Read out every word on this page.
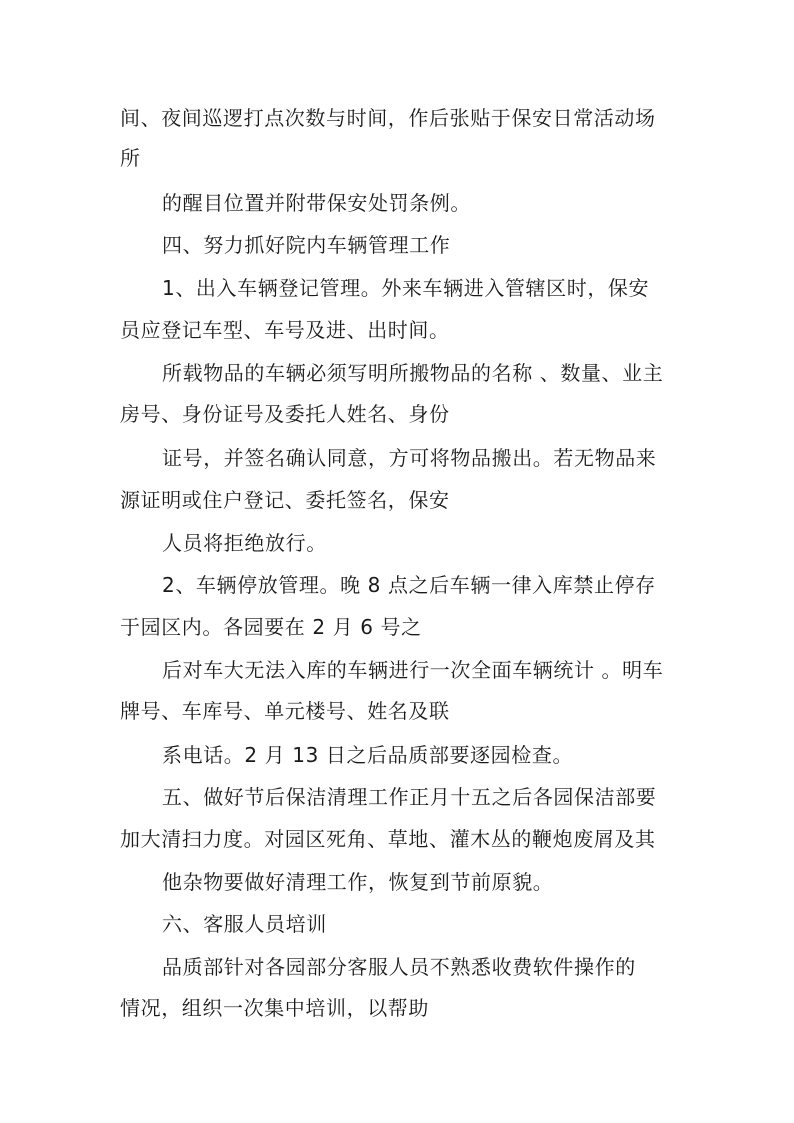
间、夜间巡逻打点次数与时间，作后张贴于保安日常活动场
所
的醒目位置并附带保安处罚条例。
四、努力抓好院内车辆管理工作
1、出入车辆登记管理。外来车辆进入管辖区时，保安
员应登记车型、车号及进、出时间。
所载物品的车辆必须写明所搬物品的名称 、数量、业主
房号、身份证号及委托人姓名、身份
证号，并签名确认同意，方可将物品搬出。若无物品来
源证明或住户登记、委托签名，保安
人员将拒绝放行。
2、车辆停放管理。晚 8 点之后车辆一律入库禁止停存
于园区内。各园要在 2 月 6 号之
后对车大无法入库的车辆进行一次全面车辆统计 。明车
牌号、车库号、单元楼号、姓名及联
系电话。2 月 13 日之后品质部要逐园检查。
五、做好节后保洁清理工作正月十五之后各园保洁部要
加大清扫力度。对园区死角、草地、灌木丛的鞭炮废屑及其
他杂物要做好清理工作，恢复到节前原貌。
六、客服人员培训
品质部针对各园部分客服人员不熟悉收费软件操作的
情况，组织一次集中培训，以帮助
